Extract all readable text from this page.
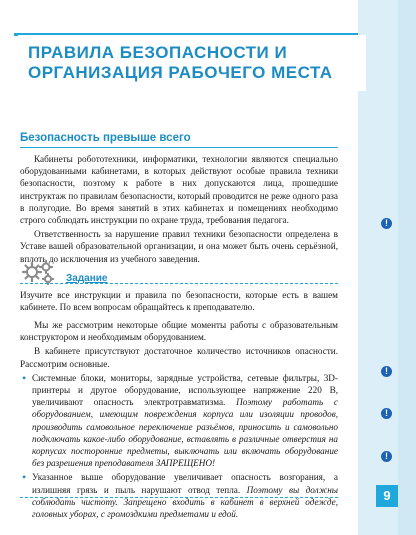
ПРАВИЛА БЕЗОПАСНОСТИ И ОРГАНИЗАЦИЯ РАБОЧЕГО МЕСТА
Безопасность превыше всего

Кабинеты робототехники, информатики, технологии являются специально оборудованными кабинетами, в которых действуют особые правила техники безопасности, поэтому к работе в них допускаются лица, прошедшие инструктаж по правилам безопасности, который проводится не реже одного раза в полугодие. Во время занятий в этих кабинетах и помещениях необходимо строго соблюдать инструкции по охране труда, требования педагога.

Ответственность за нарушение правил техники безопасности определена в Уставе вашей образовательной организации, и она может быть очень серьёзной, вплоть до исключения из учебного заведения.

!
Задание

Изучите все инструкции и правила по безопасности, которые есть в вашем кабинете. По всем вопросам обращайтесь к преподавателю.

Мы же рассмотрим некоторые общие моменты работы с образовательным конструктором и необходимым оборудованием.

В кабинете присутствуют достаточное количество источников опасности. Рассмотрим основные.

• Системные блоки, мониторы, зарядные устройства, сетевые фильтры, 3D-принтеры и другое оборудование, использующее напряжение 220 В, увеличивают опасность электротравматизма. Поэтому работать с оборудованием, имеющим повреждения корпуса или изоляции проводов, производить самовольное переключение разъёмов, приносить и самовольно подключать какое-либо оборудование, вставлять в различные отверстия на корпусах посторонние предметы, выключать или включать оборудование без разрешения преподавателя ЗАПРЕЩЕНО!
• Указанное выше оборудование увеличивает опасность возгорания, а излишняя грязь и пыль нарушают отвод тепла. Поэтому вы должны соблюдать чистоту. Запрещено входить в кабинет в верхней одежде, головных уборах, с громоздкими предметами и едой.
!
!
!
9
